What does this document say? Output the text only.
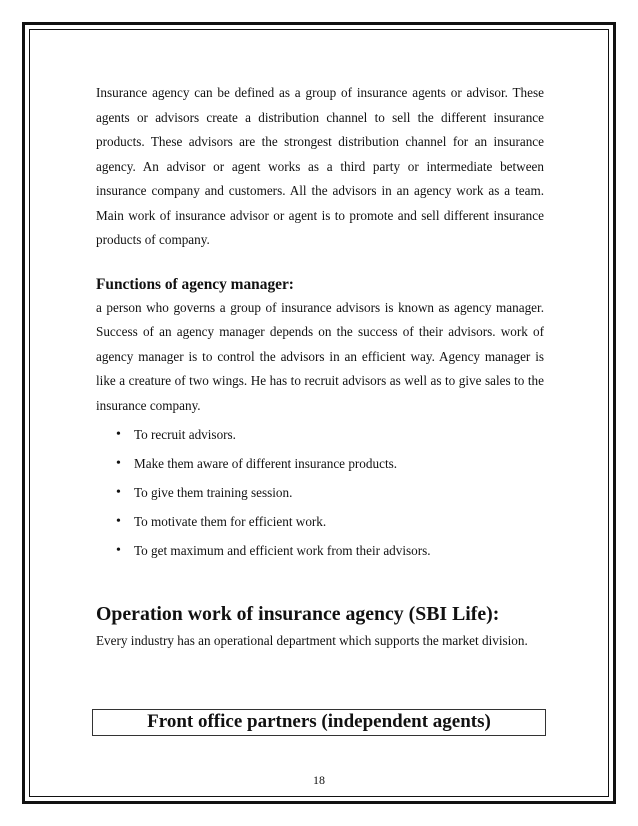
Insurance agency can be defined as a group of insurance agents or advisor. These agents or advisors create a distribution channel to sell the different insurance products. These advisors are the strongest distribution channel for an insurance agency. An advisor or agent works as a third party or intermediate between insurance company and customers. All the advisors in an agency work as a team. Main work of insurance advisor or agent is to promote and sell different insurance products of company.

Functions of agency manager:

a person who governs a group of insurance advisors is known as agency manager. Success of an agency manager depends on the success of their advisors. work of agency manager is to control the advisors in an efficient way. Agency manager is like a creature of two wings. He has to recruit advisors as well as to give sales to the insurance company.

• To recruit advisors.
• Make them aware of different insurance products.
• To give them training session.
• To motivate them for efficient work.
• To get maximum and efficient work from their advisors.
Operation work of insurance agency (SBI Life):

Every industry has an operational department which supports the market division.

Front office partners (independent agents)
18
